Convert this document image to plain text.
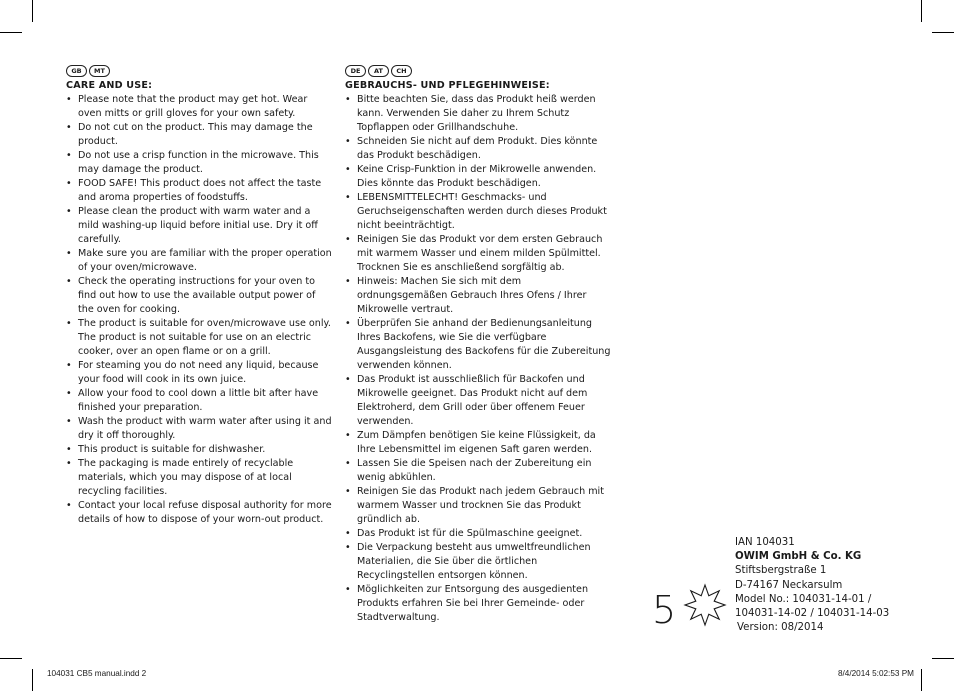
GB	MT
CARE AND USE:
• Please note that the product may get hot. Wear oven mitts or grill gloves for your own safety.
• Do not cut on the product. This may damage the product.
• Do not use a crisp function in the microwave. This may damage the product.
• FOOD SAFE! This product does not affect the taste and aroma properties of foodstuffs.
• Please clean the product with warm water and a mild washing-up liquid before initial use. Dry it off carefully.
• Make sure you are familiar with the proper operation of your oven/microwave.
• Check the operating instructions for your oven to find out how to use the available output power of the oven for cooking.
• The product is suitable for oven/microwave use only. The product is not suitable for use on an electric cooker, over an open flame or on a grill.
• For steaming you do not need any liquid, because your food will cook in its own juice.
• Allow your food to cool down a little bit after have finished your preparation.
• Wash the product with warm water after using it and dry it off thoroughly.
• This product is suitable for dishwasher.
• The packaging is made entirely of recyclable materials, which you may dispose of at local recycling facilities.
• Contact your local refuse disposal authority for more details of how to dispose of your worn-out product.
DE	AT	CH
GEBRAUCHS- UND PFLEGEHINWEISE:
• Bitte beachten Sie, dass das Produkt heiß werden kann. Verwenden Sie daher zu Ihrem Schutz Topflappen oder Grillhandschuhe.
• Schneiden Sie nicht auf dem Produkt. Dies könnte das Produkt beschädigen.
• Keine Crisp-Funktion in der Mikrowelle anwenden. Dies könnte das Produkt beschädigen.
• LEBENSMITTELECHT! Geschmacks- und Geruchseigenschaften werden durch dieses Produkt nicht beeinträchtigt.
• Reinigen Sie das Produkt vor dem ersten Gebrauch mit warmem Wasser und einem milden Spülmittel. Trocknen Sie es anschließend sorgfältig ab.
• Hinweis: Machen Sie sich mit dem ordnungsgemäßen Gebrauch Ihres Ofens / Ihrer Mikrowelle vertraut.
• Überprüfen Sie anhand der Bedienungsanleitung Ihres Backofens, wie Sie die verfügbare Ausgangsleistung des Backofens für die Zubereitung verwenden können.
• Das Produkt ist ausschließlich für Backofen und Mikrowelle geeignet. Das Produkt nicht auf dem Elektroherd, dem Grill oder über offenem Feuer verwenden.
• Zum Dämpfen benötigen Sie keine Flüssigkeit, da Ihre Lebensmittel im eigenen Saft garen werden.
• Lassen Sie die Speisen nach der Zubereitung ein wenig abkühlen.
• Reinigen Sie das Produkt nach jedem Gebrauch mit warmem Wasser und trocknen Sie das Produkt gründlich ab.
• Das Produkt ist für die Spülmaschine geeignet.
• Die Verpackung besteht aus umweltfreundlichen Materialien, die Sie über die örtlichen Recyclingstellen entsorgen können.
• Möglichkeiten zur Entsorgung des ausgedienten Produkts erfahren Sie bei Ihrer Gemeinde- oder Stadtverwaltung.	5
IAN 104031
OWIM GmbH & Co. KG
Stiftsbergstraße 1
D-74167 Neckarsulm
Model No.: 104031-14-01 /
104031-14-02 / 104031-14-03
Version: 08/2014
104031 CB5 manual.indd 2	8/4/2014 5:02:53 PM
